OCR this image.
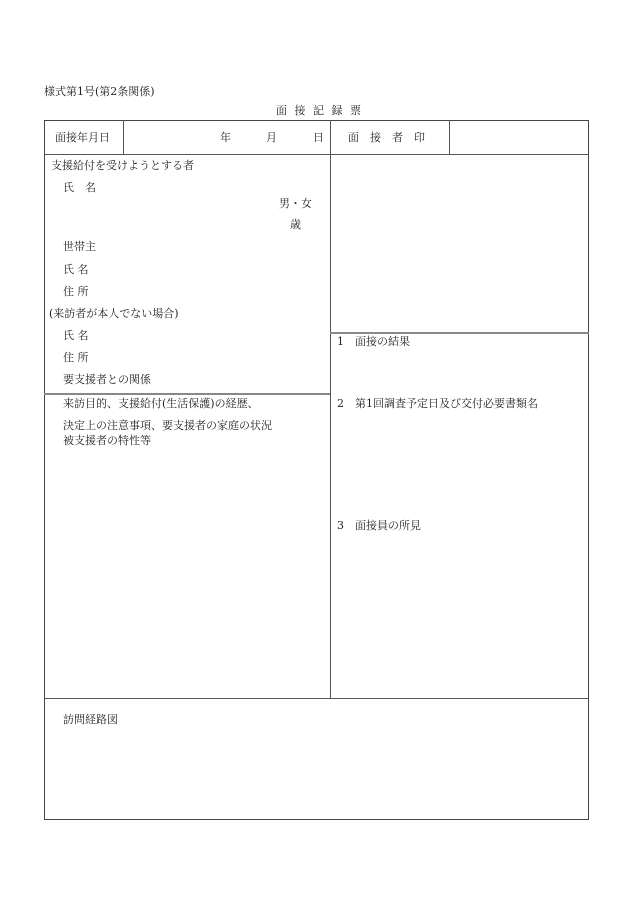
様式第1号(第2条関係)
面 接 記 録 票
面接年月日	年	月	日 面　接　者　印
支援給付を受けようとする者
氏　名
男・女
歳
世帯主
氏 名
住 所
(来訪者が本人でない場合)
氏 名
住 所
要支援者との関係
来訪目的、支援給付(生活保護)の経歴、
決定上の注意事項、要支援者の家庭の状況
被支援者の特性等
1　面接の結果
2　第1回調査予定日及び交付必要書類名
3　面接員の所見
訪問経路図
